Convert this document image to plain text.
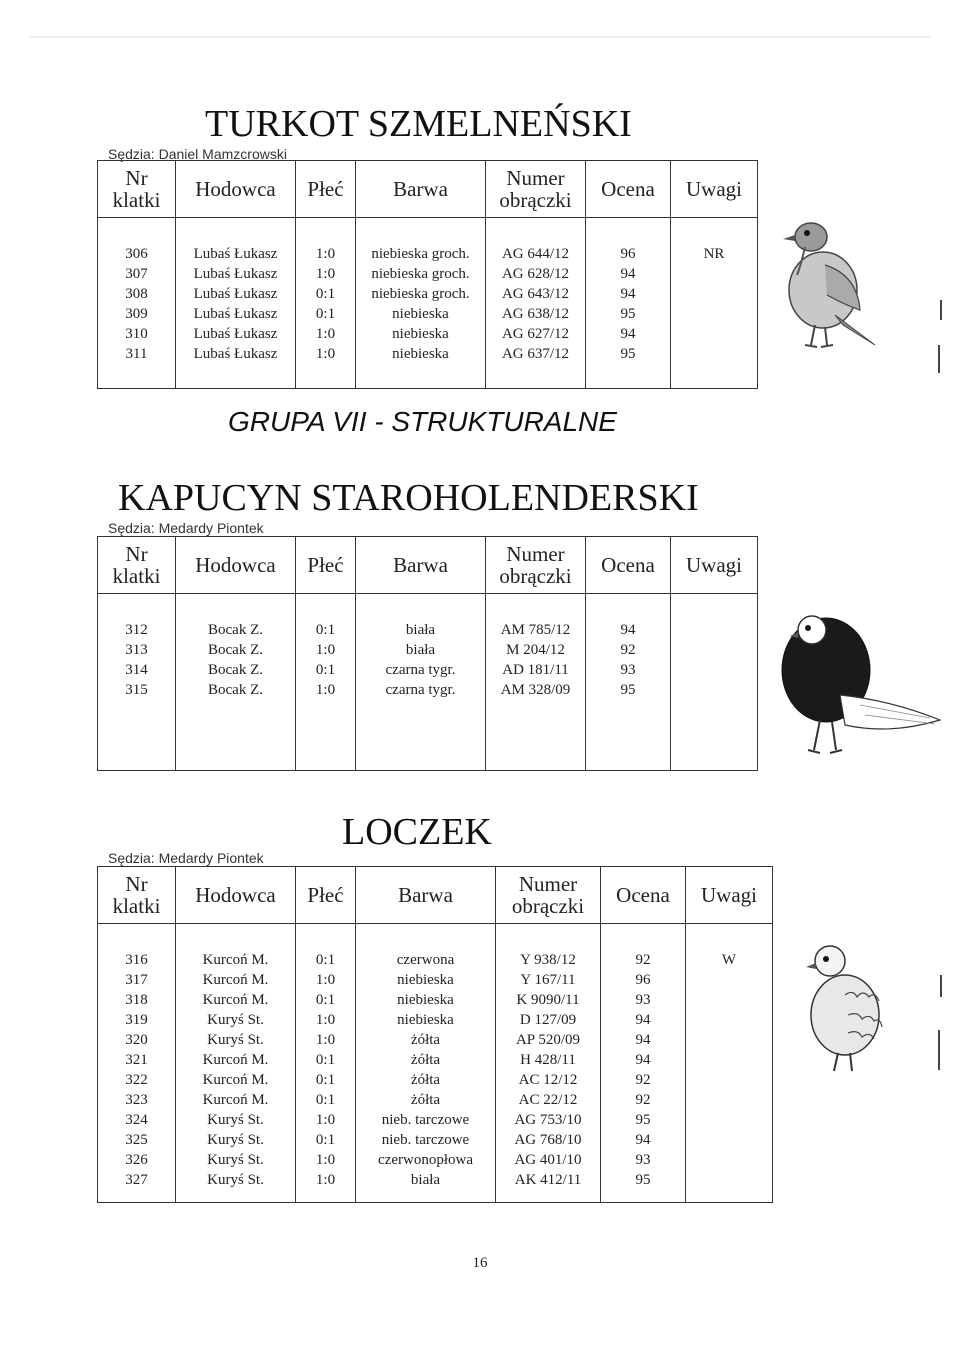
TURKOT SZMELNEŃSKI
Sędzia: Daniel Mamzcrowski
Nr
klatki	Hodowca	Płeć	Barwa	Numer
obrączki	Ocena	Uwagi
306	Lubaś Łukasz	1:0	niebieska groch.	AG 644/12	96	NR
307	Lubaś Łukasz	1:0	niebieska groch.	AG 628/12	94	
308	Lubaś Łukasz	0:1	niebieska groch.	AG 643/12	94	
309	Lubaś Łukasz	0:1	niebieska	AG 638/12	95	
310	Lubaś Łukasz	1:0	niebieska	AG 627/12	94	
311	Lubaś Łukasz	1:0	niebieska	AG 637/12	95	
GRUPA VII - STRUKTURALNE
KAPUCYN STAROHOLENDERSKI
Sędzia: Medardy Piontek
Nr
klatki	Hodowca	Płeć	Barwa	Numer
obrączki	Ocena	Uwagi
312	Bocak Z.	0:1	biała	AM 785/12	94	
313	Bocak Z.	1:0	biała	M 204/12	92	
314	Bocak Z.	0:1	czarna tygr.	AD 181/11	93	
315	Bocak Z.	1:0	czarna tygr.	AM 328/09	95	
LOCZEK
Sędzia: Medardy Piontek
Nr
klatki	Hodowca	Płeć	Barwa	Numer
obrączki	Ocena	Uwagi
316	Kurcoń M.	0:1	czerwona	Y 938/12	92	W
317	Kurcoń M.	1:0	niebieska	Y 167/11	96	
318	Kurcoń M.	0:1	niebieska	K 9090/11	93	
319	Kuryś St.	1:0	niebieska	D 127/09	94	
320	Kuryś St.	1:0	żółta	AP 520/09	94	
321	Kurcoń M.	0:1	żółta	H 428/11	94	
322	Kurcoń M.	0:1	żółta	AC 12/12	92	
323	Kurcoń M.	0:1	żółta	AC 22/12	92	
324	Kuryś St.	1:0	nieb. tarczowe	AG 753/10	95	
325	Kuryś St.	0:1	nieb. tarczowe	AG 768/10	94	
326	Kuryś St.	1:0	czerwonopłowa	AG 401/10	93	
327	Kuryś St.	1:0	biała	AK 412/11	95	
16
